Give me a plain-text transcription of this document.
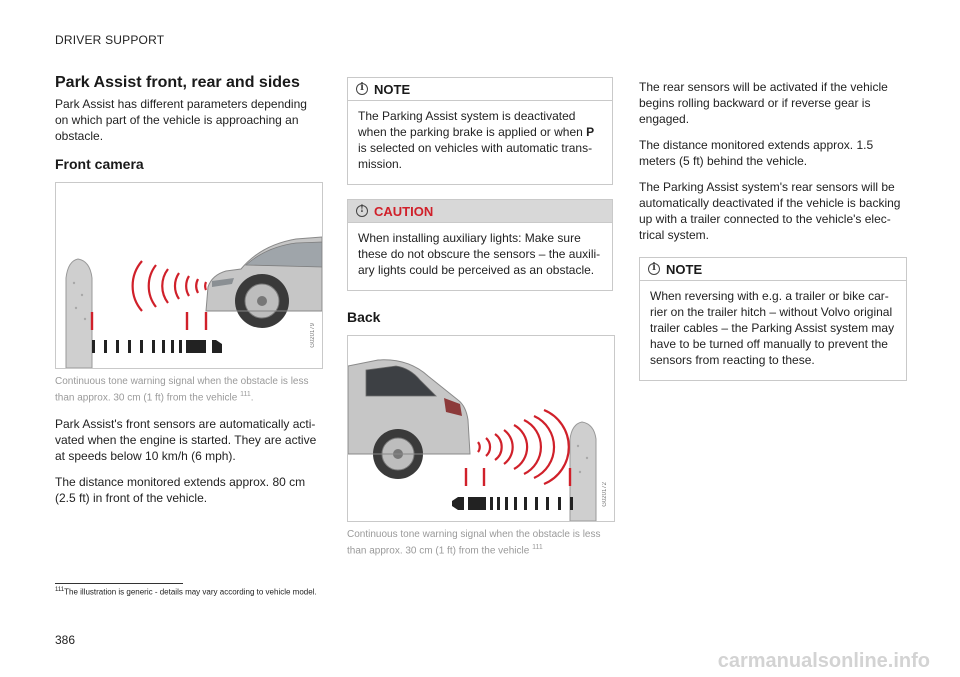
DRIVER SUPPORT
Park Assist front, rear and sides

Park Assist has different parameters depending on which part of the vehicle is approaching an obstacle.

Front camera
G020179
Continuous tone warning signal when the obstacle is less than approx. 30 cm (1 ft) from the vehicle $^{111}$.

Park Assist's front sensors are automatically acti-vated when the engine is started. They are active at speeds below 10 km/h (6 mph).

The distance monitored extends approx. 80 cm (2.5 ft) in front of the vehicle.

i NOTE

The Parking Assist system is deactivated when the parking brake is applied or when P is selected on vehicles with automatic trans-mission.

! CAUTION

When installing auxiliary lights: Make sure these do not obscure the sensors – the auxili-ary lights could be perceived as an obstacle.

Back
G020172
Continuous tone warning signal when the obstacle is less than approx. 30 cm (1 ft) from the vehicle $^{111}$

The rear sensors will be activated if the vehicle begins rolling backward or if reverse gear is engaged.

The distance monitored extends approx. 1.5 meters (5 ft) behind the vehicle.

The Parking Assist system's rear sensors will be automatically deactivated if the vehicle is backing up with a trailer connected to the vehicle's elec-trical system.

i NOTE

When reversing with e.g. a trailer or bike car-rier on the trailer hitch – without Volvo original trailer cables – the Parking Assist system may have to be turned off manually to prevent the sensors from reacting to these.

$^{111}$The illustration is generic - details may vary according to vehicle model.
386
carmanualsonline.info
